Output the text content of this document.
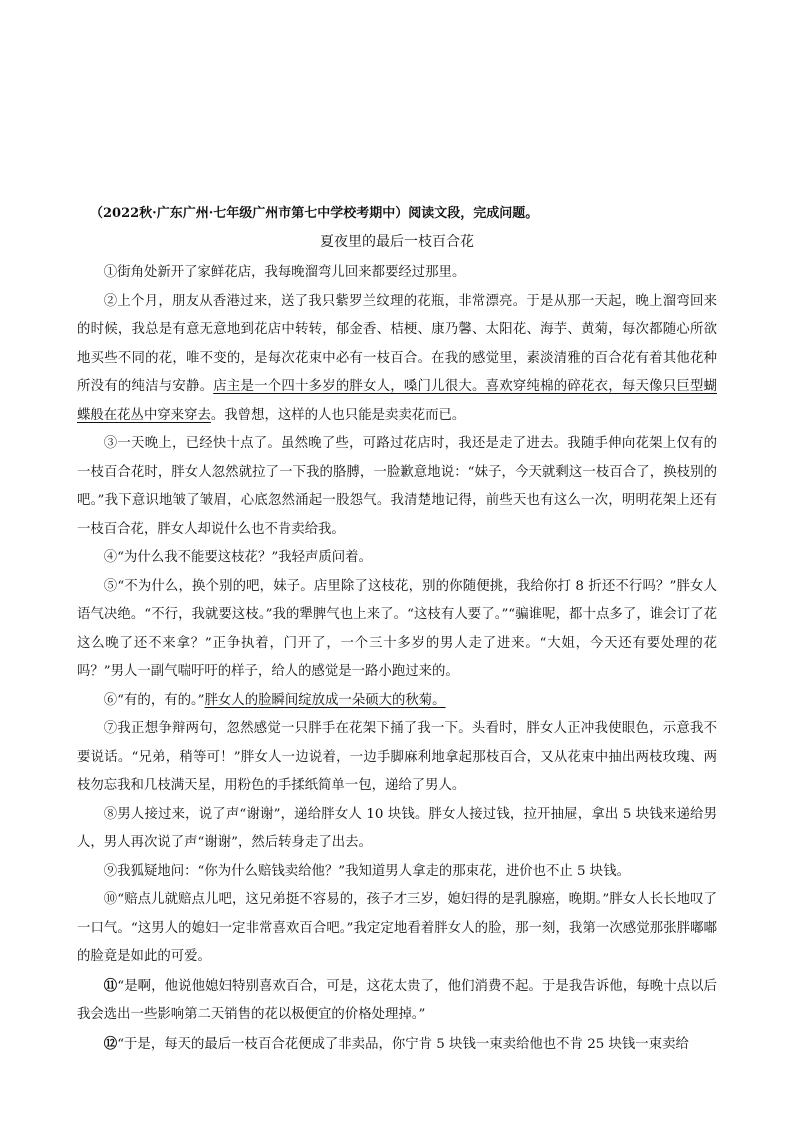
（2022秋·广东广州·七年级广州市第七中学校考期中）阅读文段，完成问题。
夏夜里的最后一枝百合花

①街角处新开了家鲜花店，我每晚溜弯儿回来都要经过那里。

②上个月，朋友从香港过来，送了我只紫罗兰纹理的花瓶，非常漂亮。于是从那一天起，晚上溜弯回来的时候，我总是有意无意地到花店中转转，郁金香、桔梗、康乃馨、太阳花、海芋、黄菊，每次都随心所欲地买些不同的花，唯不变的，是每次花束中必有一枝百合。在我的感觉里，素淡清雅的百合花有着其他花种所没有的纯洁与安静。店主是一个四十多岁的胖女人，嗓门儿很大。喜欢穿纯棉的碎花衣，每天像只巨型蝴蝶般在花丛中穿来穿去。我曾想，这样的人也只能是卖卖花而已。

③一天晚上，已经快十点了。虽然晚了些，可路过花店时，我还是走了进去。我随手伸向花架上仅有的一枝百合花时，胖女人忽然就拉了一下我的胳膊，一脸歉意地说：“妹子，今天就剩这一枝百合了，换枝别的吧。”我下意识地皱了皱眉，心底忽然涌起一股怨气。我清楚地记得，前些天也有这么一次，明明花架上还有一枝百合花，胖女人却说什么也不肯卖给我。

④“为什么我不能要这枝花？”我轻声质问着。

⑤“不为什么，换个别的吧，妹子。店里除了这枝花，别的你随便挑，我给你打 8 折还不行吗？”胖女人语气决绝。“不行，我就要这枝。”我的犟脾气也上来了。“这枝有人要了。”“骗谁呢，都十点多了，谁会订了花这么晚了还不来拿？”正争执着，门开了，一个三十多岁的男人走了进来。“大姐，今天还有要处理的花吗？”男人一副气喘吁吁的样子，给人的感觉是一路小跑过来的。

⑥“有的，有的。”胖女人的脸瞬间绽放成一朵硕大的秋菊。

⑦我正想争辩两句，忽然感觉一只胖手在花架下捅了我一下。头看时，胖女人正冲我使眼色，示意我不要说话。“兄弟，稍等可！”胖女人一边说着，一边手脚麻利地拿起那枝百合，又从花束中抽出两枝玫瑰、两枝勿忘我和几枝满天星，用粉色的手揉纸简单一包，递给了男人。

⑧男人接过来，说了声“谢谢”，递给胖女人 10 块钱。胖女人接过钱，拉开抽屉，拿出 5 块钱来递给男人，男人再次说了声“谢谢”，然后转身走了出去。

⑨我狐疑地问：“你为什么赔钱卖给他？”我知道男人拿走的那束花，进价也不止 5 块钱。

⑩“赔点儿就赔点儿吧，这兄弟挺不容易的，孩子才三岁，媳妇得的是乳腺癌，晚期。”胖女人长长地叹了一口气。“这男人的媳妇一定非常喜欢百合吧。”我定定地看着胖女人的脸，那一刻，我第一次感觉那张胖嘟嘟的脸竟是如此的可爱。

⑪“是啊，他说他媳妇特别喜欢百合，可是，这花太贵了，他们消费不起。于是我告诉他，每晚十点以后我会选出一些影响第二天销售的花以极便宜的价格处理掉。”

⑫“于是，每天的最后一枝百合花便成了非卖品，你宁肯 5 块钱一束卖给他也不肯 25 块钱一束卖给
